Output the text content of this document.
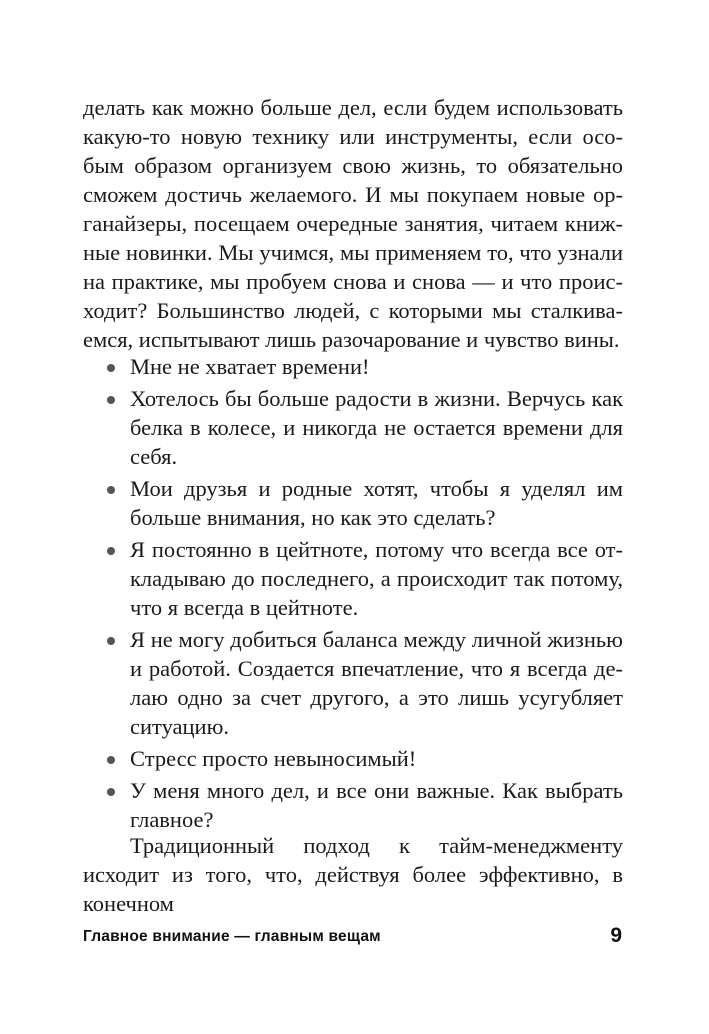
делать как можно больше дел, если будем использовать какую-то новую технику или инструменты, если особым образом организуем свою жизнь, то обязательно сможем достичь желаемого. И мы покупаем новые органайзеры, посещаем очередные занятия, читаем книжные новинки. Мы учимся, мы применяем то, что узнали на практике, мы пробуем снова и снова — и что происходит? Большинство людей, с которыми мы сталкиваемся, испытывают лишь разочарование и чувство вины.

Мне не хватает времени!
Хотелось бы больше радости в жизни. Верчусь как белка в колесе, и никогда не остается времени для себя.
Мои друзья и родные хотят, чтобы я уделял им больше внимания, но как это сделать?
Я постоянно в цейтноте, потому что всегда все откладываю до последнего, а происходит так потому, что я всегда в цейтноте.
Я не могу добиться баланса между личной жизнью и работой. Создается впечатление, что я всегда делаю одно за счет другого, а это лишь усугубляет ситуацию.
Стресс просто невыносимый!
У меня много дел, и все они важные. Как выбрать главное?

Традиционный подход к тайм-менеджменту исходит из того, что, действуя более эффективно, в конечном

Главное внимание — главным вещам	9
